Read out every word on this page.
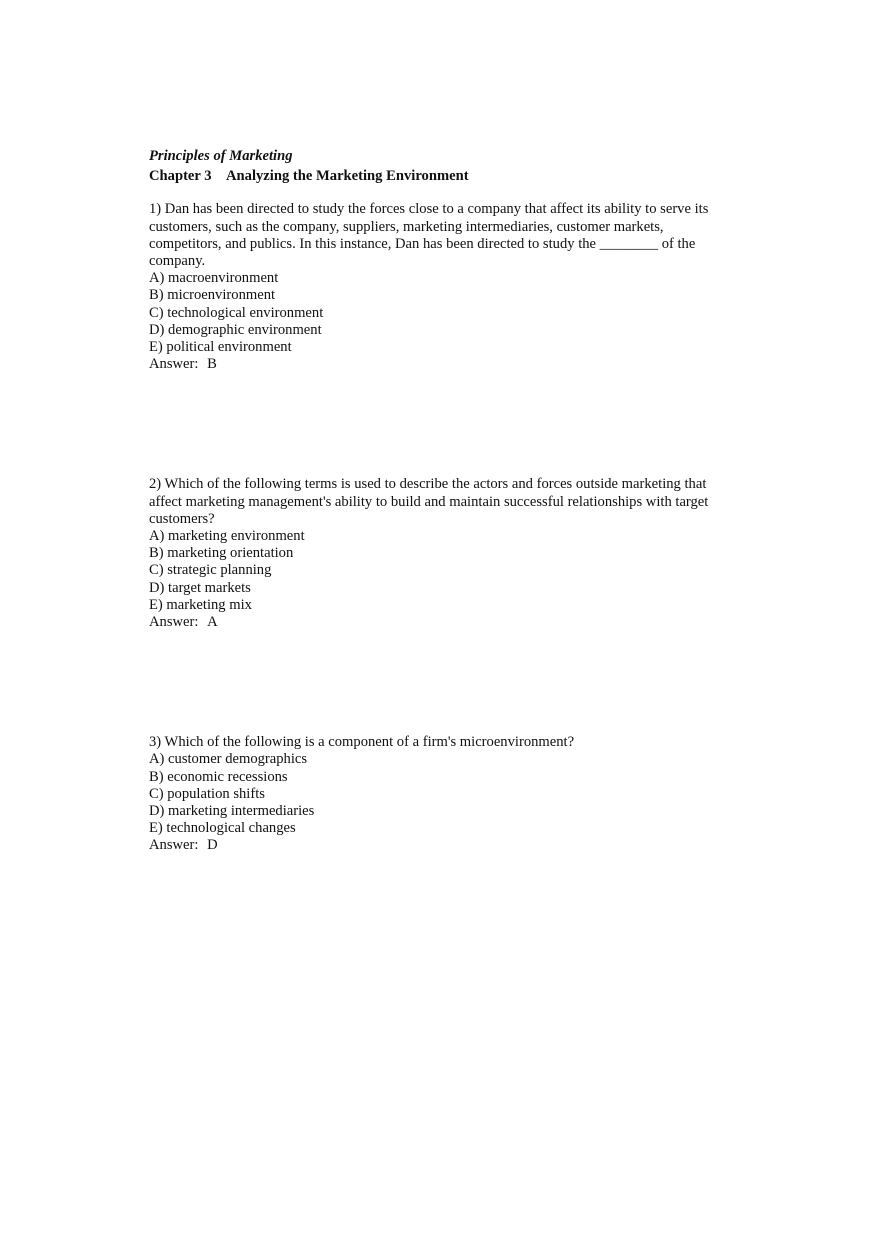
Principles of Marketing

Chapter 3 Analyzing the Marketing Environment

1) Dan has been directed to study the forces close to a company that affect its ability to serve its
customers, such as the company, suppliers, marketing intermediaries, customer markets,
competitors, and publics. In this instance, Dan has been directed to study the ________ of the
company.
A) macroenvironment
B) microenvironment
C) technological environment
D) demographic environment
E) political environment
Answer: B
2) Which of the following terms is used to describe the actors and forces outside marketing that
affect marketing management's ability to build and maintain successful relationships with target
customers?
A) marketing environment
B) marketing orientation
C) strategic planning
D) target markets
E) marketing mix
Answer: A
3) Which of the following is a component of a firm's microenvironment?
A) customer demographics
B) economic recessions
C) population shifts
D) marketing intermediaries
E) technological changes
Answer: D
